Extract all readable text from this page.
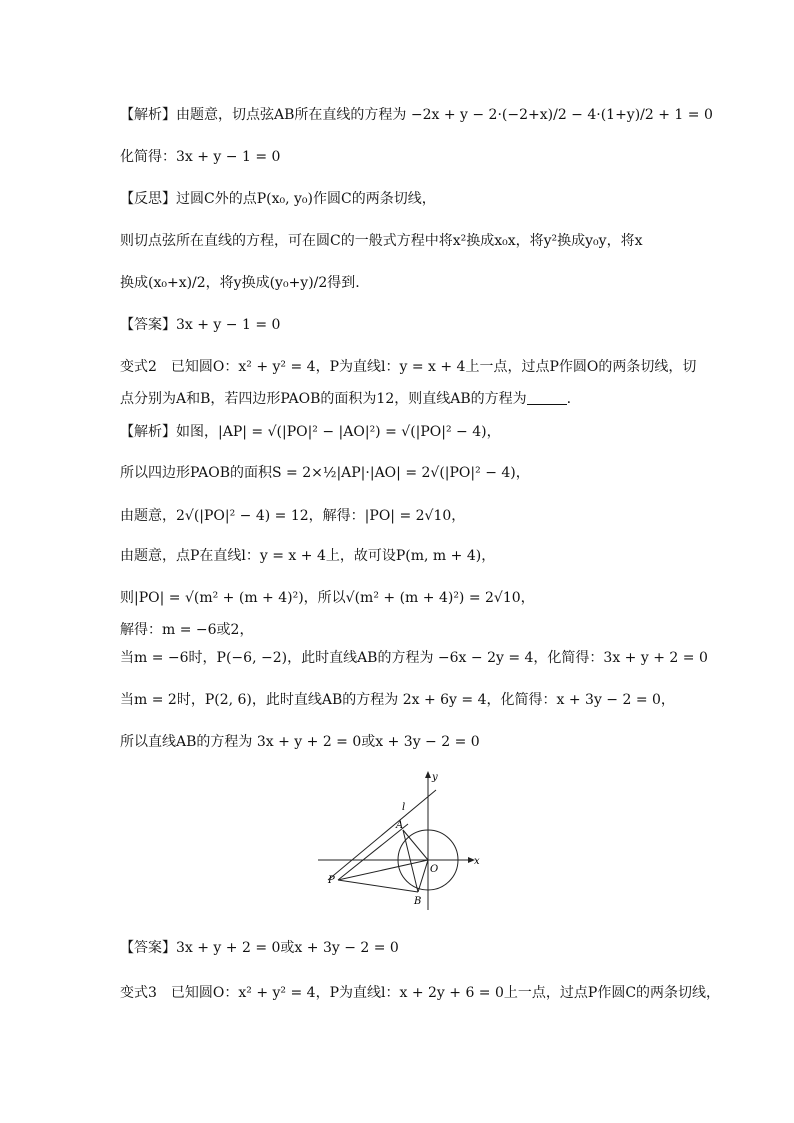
【解析】由题意，切点弦AB所在直线的方程为 −2x + y − 2·(−2+x)/2 − 4·(1+y)/2 + 1 = 0
化简得：3x + y − 1 = 0
【反思】过圆C外的点P(x₀, y₀)作圆C的两条切线，
则切点弦所在直线的方程，可在圆C的一般式方程中将x²换成x₀x，将y²换成y₀y，将x
换成(x₀+x)/2，将y换成(y₀+y)/2得到.
【答案】3x + y − 1 = 0
变式2　已知圆O：x² + y² = 4，P为直线l：y = x + 4上一点，过点P作圆O的两条切线，切
点分别为A和B，若四边形PAOB的面积为12，则直线AB的方程为	.
【解析】如图，|AP| = √(|PO|² − |AO|²) = √(|PO|² − 4)，
所以四边形PAOB的面积S = 2×½|AP|·|AO| = 2√(|PO|² − 4)，
由题意，2√(|PO|² − 4) = 12，解得：|PO| = 2√10，
由题意，点P在直线l：y = x + 4上，故可设P(m, m + 4)，
则|PO| = √(m² + (m + 4)²)，所以√(m² + (m + 4)²) = 2√10，
解得：m = −6或2，
当m = −6时，P(−6, −2)，此时直线AB的方程为 −6x − 2y = 4，化简得：3x + y + 2 = 0
当m = 2时，P(2, 6)，此时直线AB的方程为 2x + 6y = 4，化简得：x + 3y − 2 = 0，
所以直线AB的方程为 3x + y + 2 = 0或x + 3y − 2 = 0
y
x
l
A
O
P
B
【答案】3x + y + 2 = 0或x + 3y − 2 = 0
变式3　已知圆O：x² + y² = 4，P为直线l：x + 2y + 6 = 0上一点，过点P作圆C的两条切线，
